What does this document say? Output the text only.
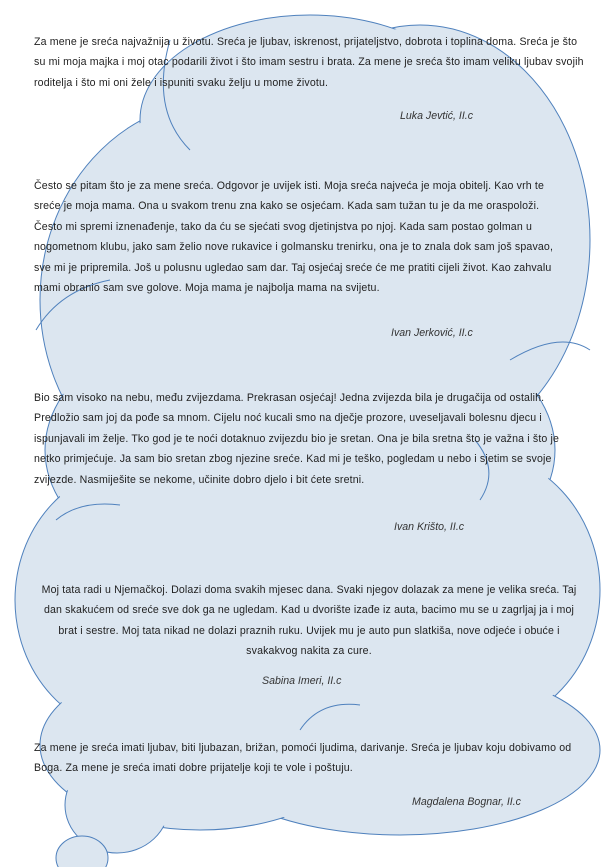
Za mene je sreća najvažnija u životu. Sreća je ljubav, iskrenost, prijateljstvo, dobrota i toplina doma. Sreća je što su mi moja majka i moj otac podarili život i što imam sestru i brata. Za mene je sreća što imam veliku ljubav svojih roditelja i što mi oni žele i ispuniti svaku želju u mome životu.

Luka Jevtić, II.c

Često se pitam što je za mene sreća. Odgovor je uvijek isti. Moja sreća najveća je moja obitelj. Kao vrh te sreće je moja mama. Ona u svakom trenu zna kako se osjećam. Kada sam tužan tu je da me oraspoloži. Često mi spremi iznenađenje, tako da ću se sjećati svog djetinjstva po njoj. Kada sam postao golman u nogometnom klubu, jako sam želio nove rukavice i golmansku trenirku, ona je to znala dok sam još spavao, sve mi je pripremila. Još u polusnu ugledao sam dar. Taj osjećaj sreće će me pratiti cijeli život. Kao zahvalu mami obranio sam sve golove. Moja mama je najbolja mama na svijetu.

Ivan Jerković, II.c

Bio sam visoko na nebu, među zvijezdama. Prekrasan osjećaj! Jedna zvijezda bila je drugačija od ostalih. Predložio sam joj da pođe sa mnom. Cijelu noć kucali smo na dječje prozore, uveseljavali bolesnu djecu i ispunjavali im želje. Tko god je te noći dotaknuo zvijezdu bio je sretan. Ona je bila sretna što je važna i što je netko primjećuje. Ja sam bio sretan zbog njezine sreće. Kad mi je teško, pogledam u nebo i sjetim se svoje zvijezde. Nasmiješite se nekome, učinite dobro djelo i bit ćete sretni.

Ivan Krišto, II.c

Moj tata radi u Njemačkoj. Dolazi doma svakih mjesec dana. Svaki njegov dolazak za mene je velika sreća. Taj dan skakućem od sreće sve dok ga ne ugledam. Kad u dvorište izađe iz auta, bacimo mu se u zagrljaj ja i moj brat i sestre. Moj tata nikad ne dolazi praznih ruku. Uvijek mu je auto pun slatkiša, nove odjeće i obuće i svakakvog nakita za cure.

Sabina Imeri, II.c

Za mene je sreća imati ljubav, biti ljubazan, brižan, pomoći ljudima, darivanje. Sreća je ljubav koju dobivamo od Boga. Za mene je sreća imati dobre prijatelje koji te vole i poštuju.

Magdalena Bognar, II.c
